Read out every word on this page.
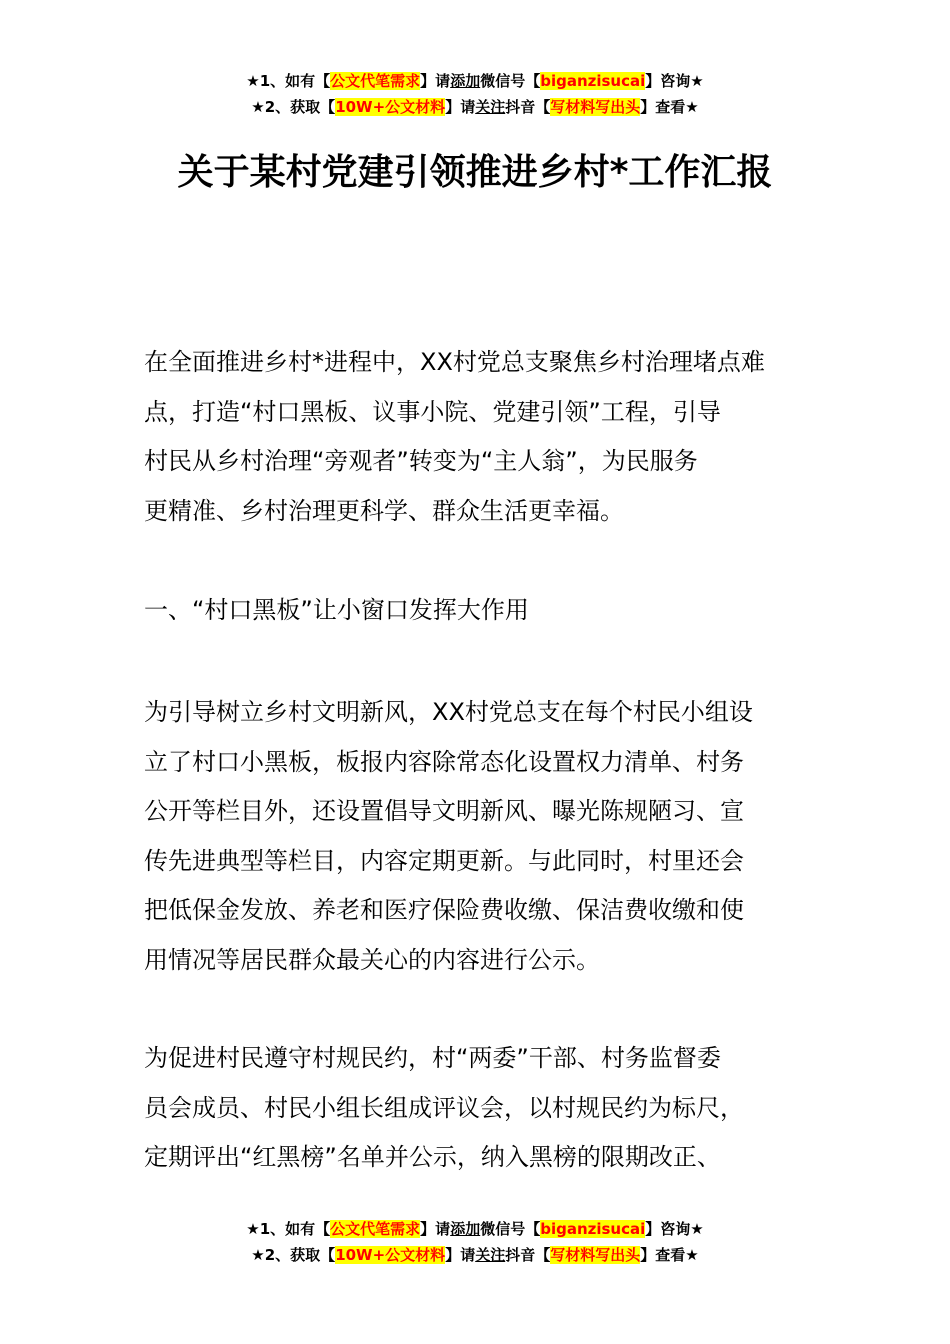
★1、如有【公文代笔需求】请添加微信号【biganzisucai】咨询★
★2、获取【10W+公文材料】请关注抖音【写材料写出头】查看★
关于某村党建引领推进乡村*工作汇报
在全面推进乡村*进程中，XX村党总支聚焦乡村治理堵点难
点，打造“村口黑板、议事小院、党建引领”工程，引导
村民从乡村治理“旁观者”转变为“主人翁”，为民服务
更精准、乡村治理更科学、群众生活更幸福。
一、“村口黑板”让小窗口发挥大作用
为引导树立乡村文明新风，XX村党总支在每个村民小组设
立了村口小黑板，板报内容除常态化设置权力清单、村务
公开等栏目外，还设置倡导文明新风、曝光陈规陋习、宣
传先进典型等栏目，内容定期更新。与此同时，村里还会
把低保金发放、养老和医疗保险费收缴、保洁费收缴和使
用情况等居民群众最关心的内容进行公示。
为促进村民遵守村规民约，村“两委”干部、村务监督委
员会成员、村民小组长组成评议会，以村规民约为标尺，
定期评出“红黑榜”名单并公示，纳入黑榜的限期改正、
★1、如有【公文代笔需求】请添加微信号【biganzisucai】咨询★
★2、获取【10W+公文材料】请关注抖音【写材料写出头】查看★
